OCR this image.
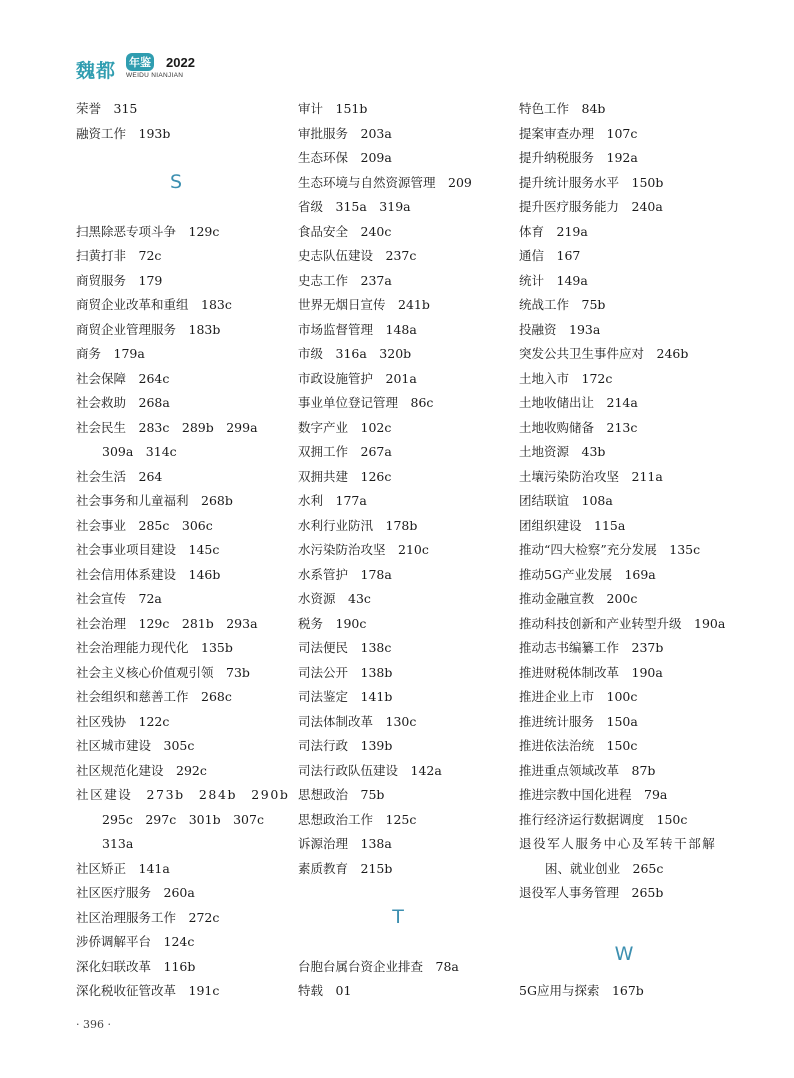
魏都 年鉴 2022
WEIDU NIANJIAN
荣誉　315
融资工作　193b
S
扫黑除恶专项斗争　129c
扫黄打非　72c
商贸服务　179
商贸企业改革和重组　183c
商贸企业管理服务　183b
商务　179a
社会保障　264c
社会救助　268a
社会民生　283c　289b　299a
309a　314c
社会生活　264
社会事务和儿童福利　268b
社会事业　285c　306c
社会事业项目建设　145c
社会信用体系建设　146b
社会宣传　72a
社会治理　129c　281b　293a
社会治理能力现代化　135b
社会主义核心价值观引领　73b
社会组织和慈善工作　268c
社区残协　122c
社区城市建设　305c
社区规范化建设　292c
社区建设　273b　284b　290b
295c　297c　301b　307c
313a
社区矫正　141a
社区医疗服务　260a
社区治理服务工作　272c
涉侨调解平台　124c
深化妇联改革　116b
深化税收征管改革　191c
审计　151b
审批服务　203a
生态环保　209a
生态环境与自然资源管理　209
省级　315a　319a
食品安全　240c
史志队伍建设　237c
史志工作　237a
世界无烟日宣传　241b
市场监督管理　148a
市级　316a　320b
市政设施管护　201a
事业单位登记管理　86c
数字产业　102c
双拥工作　267a
双拥共建　126c
水利　177a
水利行业防汛　178b
水污染防治攻坚　210c
水系管护　178a
水资源　43c
税务　190c
司法便民　138c
司法公开　138b
司法鉴定　141b
司法体制改革　130c
司法行政　139b
司法行政队伍建设　142a
思想政治　75b
思想政治工作　125c
诉源治理　138a
素质教育　215b
T
台胞台属台资企业排查　78a
特载　01
特色工作　84b
提案审查办理　107c
提升纳税服务　192a
提升统计服务水平　150b
提升医疗服务能力　240a
体育　219a
通信　167
统计　149a
统战工作　75b
投融资　193a
突发公共卫生事件应对　246b
土地入市　172c
土地收储出让　214a
土地收购储备　213c
土地资源　43b
土壤污染防治攻坚　211a
团结联谊　108a
团组织建设　115a
推动“四大检察”充分发展　135c
推动5G产业发展　169a
推动金融宣教　200c
推动科技创新和产业转型升级　190a
推动志书编纂工作　237b
推进财税体制改革　190a
推进企业上市　100c
推进统计服务　150a
推进依法治统　150c
推进重点领域改革　87b
推进宗教中国化进程　79a
推行经济运行数据调度　150c
退役军人服务中心及军转干部解
困、就业创业　265c
退役军人事务管理　265b
W
5G应用与探索　167b
· 396 ·
